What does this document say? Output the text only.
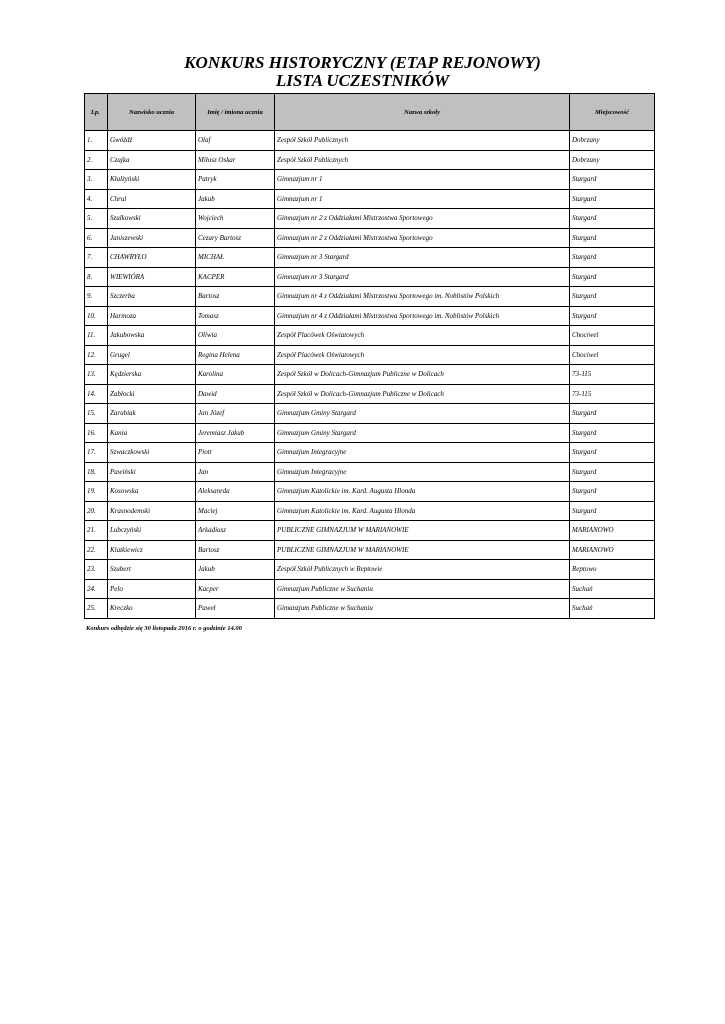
KONKURS HISTORYCZNY (ETAP REJONOWY)
LISTA UCZESTNIKÓW
Lp.	Nazwisko ucznia	Imię / imiona ucznia	Nazwa szkoły	Miejscowość
1.	Gwóźdź	Olaf	Zespół Szkół Publicznych	Dobrzany
2.	Czajka	Miłosz Oskar	Zespół Szkół Publicznych	Dobrzany
3.	Kłalżyński	Patryk	Gimnazjum nr 1	Stargard
4.	Chrul	Jakub	Gimnazjum nr 1	Stargard
5.	Szulkowski	Wojciech	Gimnazjum nr 2 z Oddziałami Mistrzostwa Sportowego	Stargard
6.	Janiszewski	Cezary Bartosz	Gimnazjum nr 2 z Oddziałami Mistrzostwa Sportowego	Stargard
7.	CHAWRYŁO	MICHAŁ	Gimnazjum nr 3 Stargard	Stargard
8.	WIEWIÓRA	KACPER	Gimnazjum nr 3 Stargard	Stargard
9.	Szczerba	Bartosz	Gimnazjum nr 4 z Oddziałami Mistrzostwa Sportowego im. Noblistów Polskich	Stargard
10.	Harmoza	Tomasz	Gimnazjum nr 4 z Oddziałami Mistrzostwa Sportowego im. Noblistów Polskich	Stargard
11.	Jakubowska	Oliwia	Zespół Placówek Oświatowych	Chociwel
12.	Grugel	Regina Helena	Zespół Placówek Oświatowych	Chociwel
13.	Kędzierska	Karolina	Zespół Szkół w Dolicach-Gimnazjum Publiczne w Dolicach	73-115
14.	Zabłocki	Dawid	Zespół Szkół w Dolicach-Gimnazjum Publiczne w Dolicach	73-115
15.	Zarubiak	Jan Józef	Gimnazjum Gminy Stargard	Stargard
16.	Kania	Jeremiasz Jakub	Gimnazjum Gminy Stargard	Stargard
17.	Szwaczkowski	Piotr	Gimnazjum Integracyjne	Stargard
18.	Pawiński	Jan	Gimnazjum Integracyjne	Stargard
19.	Kosowska	Aleksanrda	Gimnazjum Katolickie im. Kard. Augusta Hlonda	Stargard
20.	Krasnodemski	Maciej	Gimnazjum Katolickie im. Kard. Augusta Hlonda	Stargard
21.	Lubczyński	Arkadiusz	PUBLICZNE GIMNAZJUM W MARIANOWIE	MARIANOWO
22.	Klatkiewicz	Bartosz	PUBLICZNE GIMNAZJUM W MARIANOWIE	MARIANOWO
23.	Szubert	Jakub	Zespół Szkół Publicznych w Reptowie	Reptowo
24.	Pelo	Kacper	Gimnazjum Publiczne w Suchaniu	Suchań
25.	Kreczko	Paweł	Gimanzjum Publiczne w Suchaniu	Suchań
Konkurs odbędzie się 30 listopada 2016 r. o godzinie 14.00
